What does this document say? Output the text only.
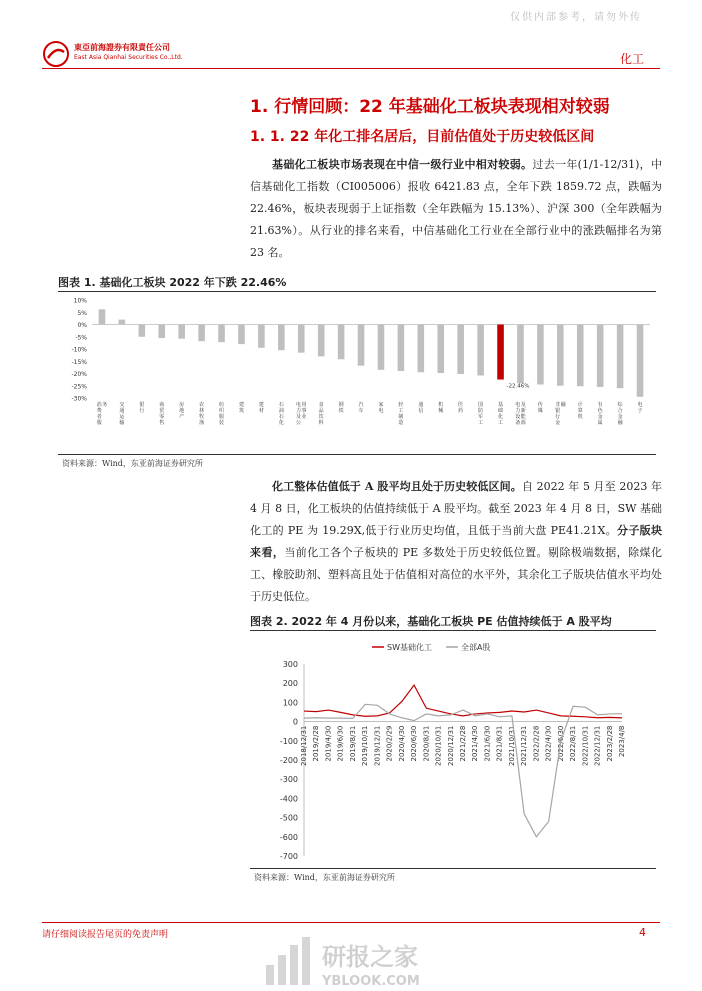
仅供内部参考，请勿外传
東亞前海證券有限責任公司
East Asia Qianhai Securities Co.,Ltd.	化工
1. 行情回顾：22 年基础化工板块表现相对较弱
1. 1. 22 年化工排名居后，目前估值处于历史较低区间
基础化工板块市场表现在中信一级行业中相对较弱。过去一年(1/1-12/31)，中信基础化工指数（CI005006）报收 6421.83 点，全年下跌 1859.72 点，跌幅为 22.46%，板块表现弱于上证指数（全年跌幅为 15.13%）、沪深 300（全年跌幅为 21.63%）。从行业的排名来看，中信基础化工行业在全部行业中的涨跌幅排名为第 23 名。
图表 1. 基础化工板块 2022 年下跌 22.46%
10%
5%
0%
-5%
-10%
-15%
-20%
-25%
-30%
消
费
者
服
务 交
通
运
输
银
行
商
贸
零
售
房
地
产
农
林
牧
渔
纺
织
服
装
建
筑
建
材
石
油
石
化
电
力
及
公
用
事
业
食
品
饮
料
钢
铁
汽
车
家
电
轻
工
制
造
通
信
机
械
医
药
国
防
军
工
-22.46%
基
础
化
工
电
力
设
备
及
新
能
源
传
媒
非
银
行
金
融 计
算
机
有
色
金
属
综
合
金
融
电
子
资料来源：Wind，东亚前海证券研究所
化工整体估值低于 A 股平均且处于历史较低区间。自 2022 年 5 月至 2023 年 4 月 8 日，化工板块的估值持续低于 A 股平均。截至 2023 年 4 月 8 日，SW 基础化工的 PE 为 19.29X,低于行业历史均值，且低于当前大盘 PE41.21X。分子版块来看，当前化工各个子板块的 PE 多数处于历史较低位置。剔除极端数据，除煤化工、橡胶助剂、塑料高且处于估值相对高位的水平外，其余化工子版块估值水平均处于历史低位。
图表 2. 2022 年 4 月份以来，基础化工板块 PE 估值持续低于 A 股平均
SW基础化工	全部A股
300
200
100
0
-100
-200
-300
-400
-500
-600
-700
2018/12/31 2019/2/28 2019/4/30 2019/6/30 2019/8/31 2019/10/31 2019/12/31 2020/2/29 2020/4/30 2020/6/30 2020/8/31 2020/10/31 2020/12/31 2021/2/28 2021/4/30 2021/6/30 2021/8/31 2021/10/31 2021/12/31 2022/2/28 2022/4/30 2022/6/30 2022/8/31 2022/10/31 2022/12/31 2023/2/28 2023/4/8
资料来源：Wind，东亚前海证券研究所
请仔细阅读报告尾页的免责声明	4
研报之家
YBLOOK.COM
